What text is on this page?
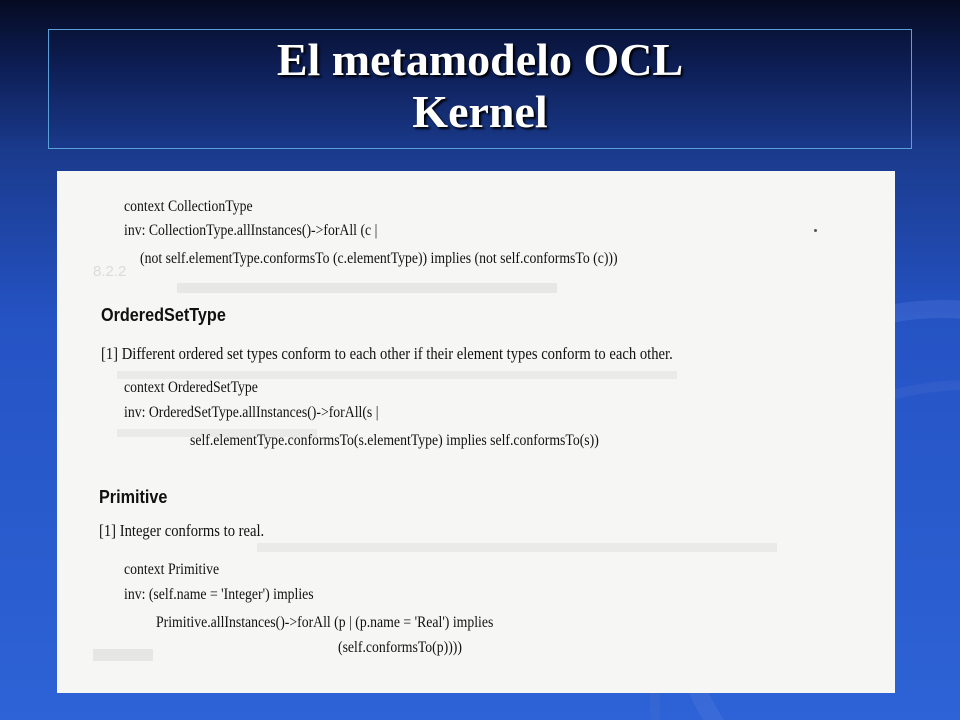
El metamodelo OCL
Kernel
8.2.2
context CollectionType
inv: CollectionType.allInstances()->forAll (c |
(not self.elementType.conformsTo (c.elementType)) implies (not self.conformsTo (c)))
OrderedSetType
[1] Different ordered set types conform to each other if their element types conform to each other.
context OrderedSetType
inv: OrderedSetType.allInstances()->forAll(s |
self.elementType.conformsTo(s.elementType) implies self.conformsTo(s))
Primitive
[1] Integer conforms to real.
context Primitive
inv: (self.name = 'Integer') implies
Primitive.allInstances()->forAll (p | (p.name = 'Real') implies
(self.conformsTo(p))))
